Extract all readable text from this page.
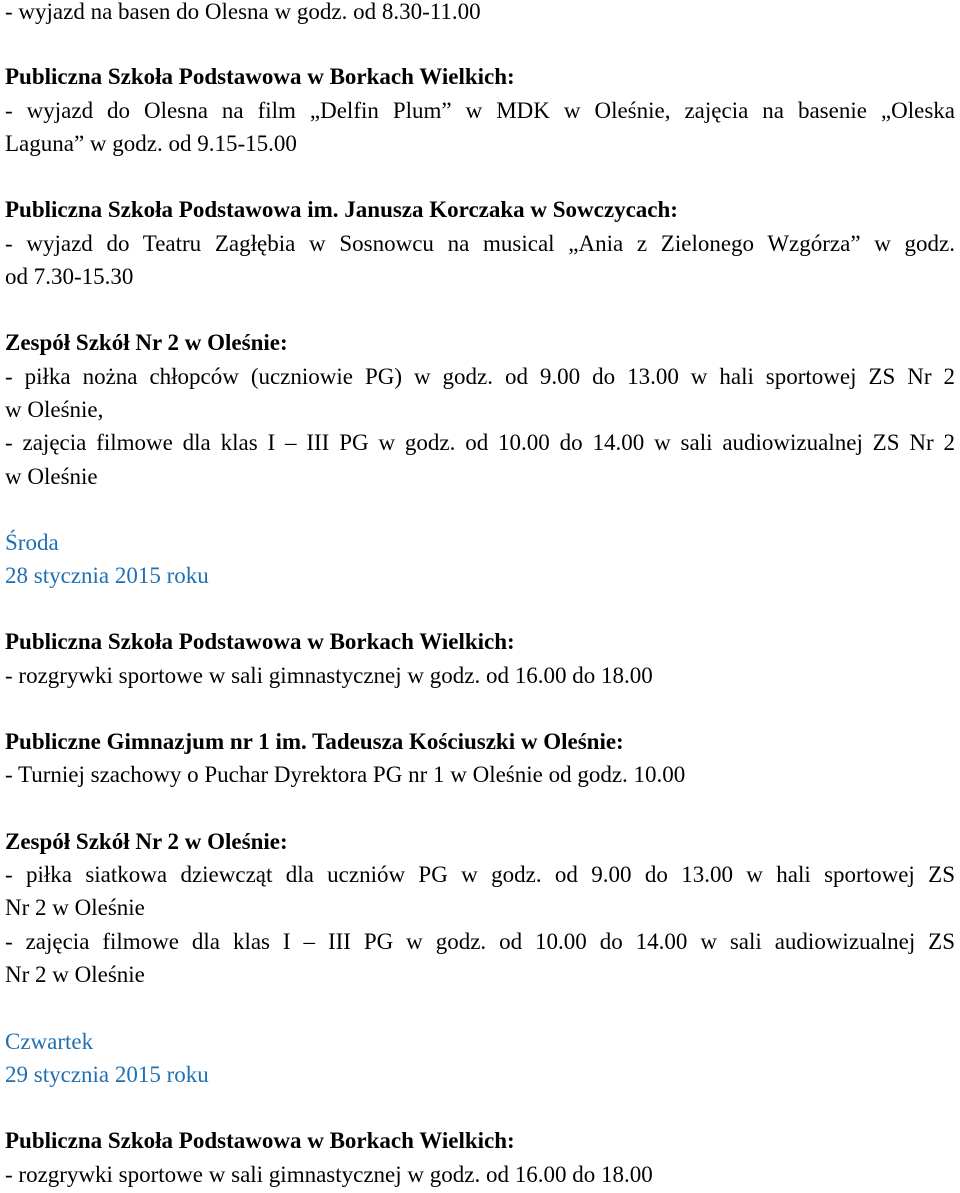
- wyjazd na basen do Olesna w godz. od 8.30-11.00
Publiczna Szkoła Podstawowa w Borkach Wielkich:
- wyjazd do Olesna na film „Delfin Plum” w MDK w Oleśnie, zajęcia na basenie „Oleska
Laguna” w godz. od 9.15-15.00
Publiczna Szkoła Podstawowa im. Janusza Korczaka w Sowczycach:
- wyjazd do Teatru Zagłębia w Sosnowcu na musical „Ania z Zielonego Wzgórza” w godz.
od 7.30-15.30
Zespół Szkół Nr 2 w Oleśnie:
- piłka nożna chłopców (uczniowie PG) w godz. od 9.00 do 13.00 w hali sportowej ZS Nr 2
w Oleśnie,
- zajęcia filmowe dla klas I – III PG w godz. od 10.00 do 14.00 w sali audiowizualnej ZS Nr 2
w Oleśnie
Środa
28 stycznia 2015 roku
Publiczna Szkoła Podstawowa w Borkach Wielkich:
- rozgrywki sportowe w sali gimnastycznej w godz. od 16.00 do 18.00
Publiczne Gimnazjum nr 1 im. Tadeusza Kościuszki w Oleśnie:
- Turniej szachowy o Puchar Dyrektora PG nr 1 w Oleśnie od godz. 10.00
Zespół Szkół Nr 2 w Oleśnie:
- piłka siatkowa dziewcząt dla uczniów PG w godz. od 9.00 do 13.00 w hali sportowej ZS
Nr 2 w Oleśnie
- zajęcia filmowe dla klas I – III PG w godz. od 10.00 do 14.00 w sali audiowizualnej ZS
Nr 2 w Oleśnie
Czwartek
29 stycznia 2015 roku
Publiczna Szkoła Podstawowa w Borkach Wielkich:
- rozgrywki sportowe w sali gimnastycznej w godz. od 16.00 do 18.00
